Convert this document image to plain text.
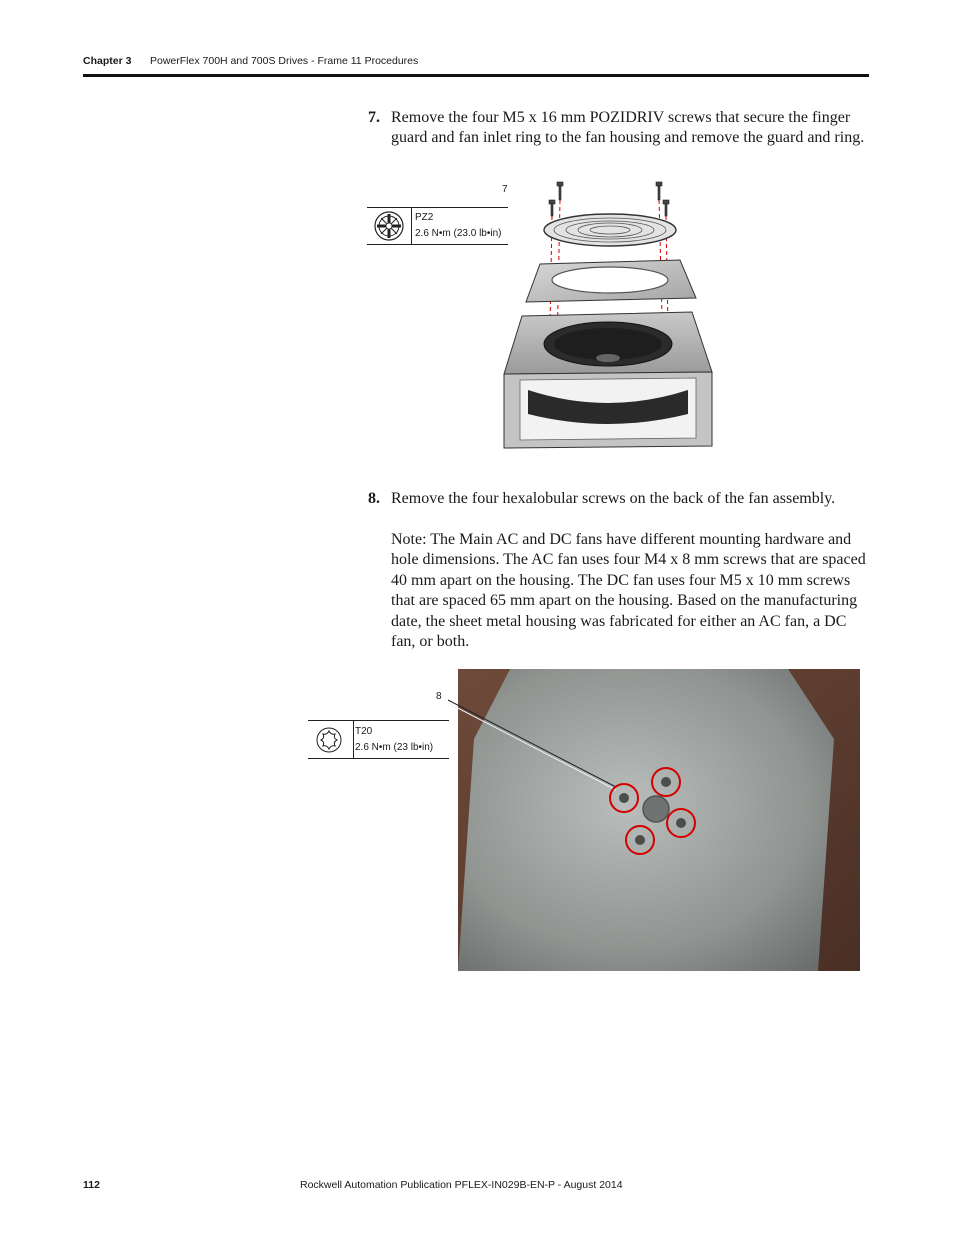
Chapter 3 PowerFlex 700H and 700S Drives - Frame 11 Procedures
7. Remove the four M5 x 16 mm POZIDRIV screws that secure the finger guard and fan inlet ring to the fan housing and remove the guard and ring.
7
PZ2
2.6 N•m (23.0 lb•in)
8. Remove the four hexalobular screws on the back of the fan assembly.
Note: The Main AC and DC fans have different mounting hardware and hole dimensions. The AC fan uses four M4 x 8 mm screws that are spaced 40 mm apart on the housing. The DC fan uses four M5 x 10 mm screws that are spaced 65 mm apart on the housing. Based on the manufacturing date, the sheet metal housing was fabricated for either an AC fan, a DC fan, or both.
8
T20
2.6 N•m (23 lb•in)
112	Rockwell Automation Publication PFLEX-IN029B-EN-P - August 2014
